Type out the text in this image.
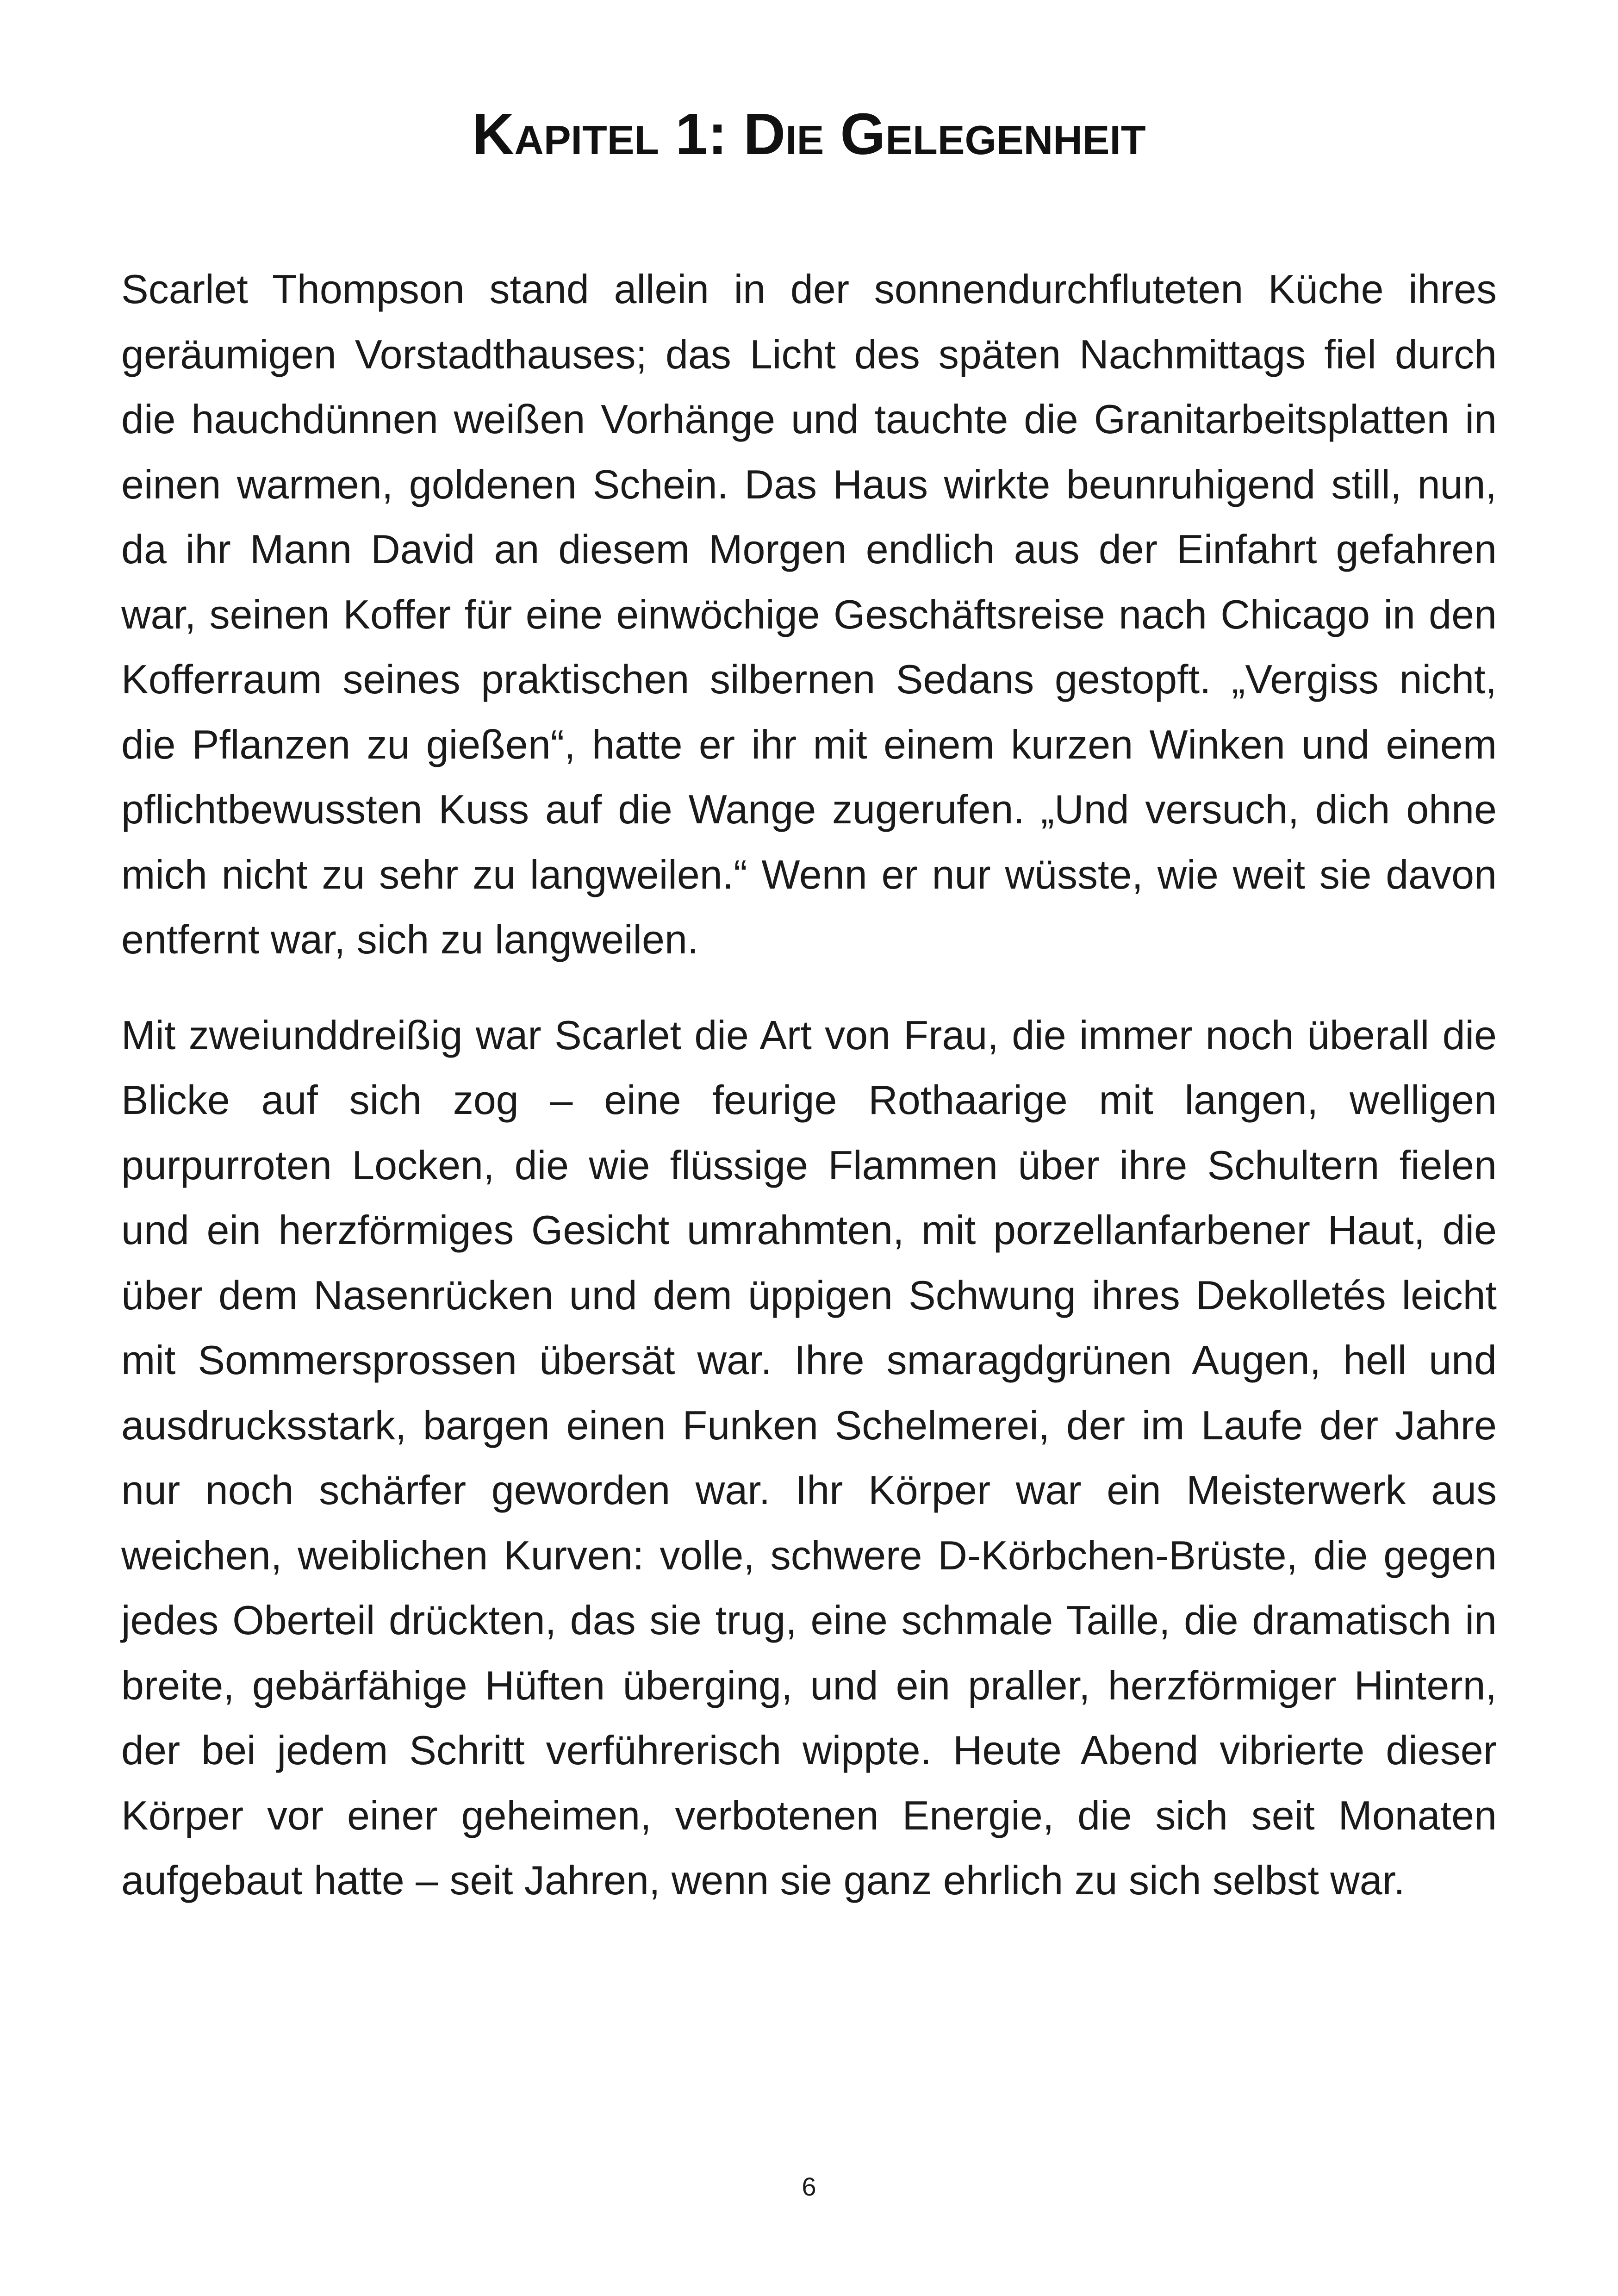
Kapitel 1: Die Gelegenheit

Scarlet Thompson stand allein in der sonnendurchfluteten Küche ihres geräumigen Vorstadthauses; das Licht des späten Nachmittags fiel durch die hauchdünnen weißen Vorhänge und tauchte die Granitarbeitsplatten in einen warmen, goldenen Schein. Das Haus wirkte beunruhigend still, nun, da ihr Mann David an diesem Morgen endlich aus der Einfahrt gefahren war, seinen Koffer für eine einwöchige Geschäftsreise nach Chicago in den Kofferraum seines praktischen silbernen Sedans gestopft. „Vergiss nicht, die Pflanzen zu gießen“, hatte er ihr mit einem kurzen Winken und einem pflichtbewussten Kuss auf die Wange zugerufen. „Und versuch, dich ohne mich nicht zu sehr zu langweilen.“ Wenn er nur wüsste, wie weit sie davon entfernt war, sich zu langweilen.

Mit zweiunddreißig war Scarlet die Art von Frau, die immer noch überall die Blicke auf sich zog – eine feurige Rothaarige mit langen, welligen purpurroten Locken, die wie flüssige Flammen über ihre Schultern fielen und ein herzförmiges Gesicht umrahmten, mit porzellanfarbener Haut, die über dem Nasenrücken und dem üppigen Schwung ihres Dekolletés leicht mit Sommersprossen übersät war. Ihre smaragdgrünen Augen, hell und ausdrucksstark, bargen einen Funken Schelmerei, der im Laufe der Jahre nur noch schärfer geworden war. Ihr Körper war ein Meisterwerk aus weichen, weiblichen Kurven: volle, schwere D-Körbchen-Brüste, die gegen jedes Oberteil drückten, das sie trug, eine schmale Taille, die dramatisch in breite, gebärfähige Hüften überging, und ein praller, herzförmiger Hintern, der bei jedem Schritt verführerisch wippte. Heute Abend vibrierte dieser Körper vor einer geheimen, verbotenen Energie, die sich seit Monaten aufgebaut hatte – seit Jahren, wenn sie ganz ehrlich zu sich selbst war.

6
